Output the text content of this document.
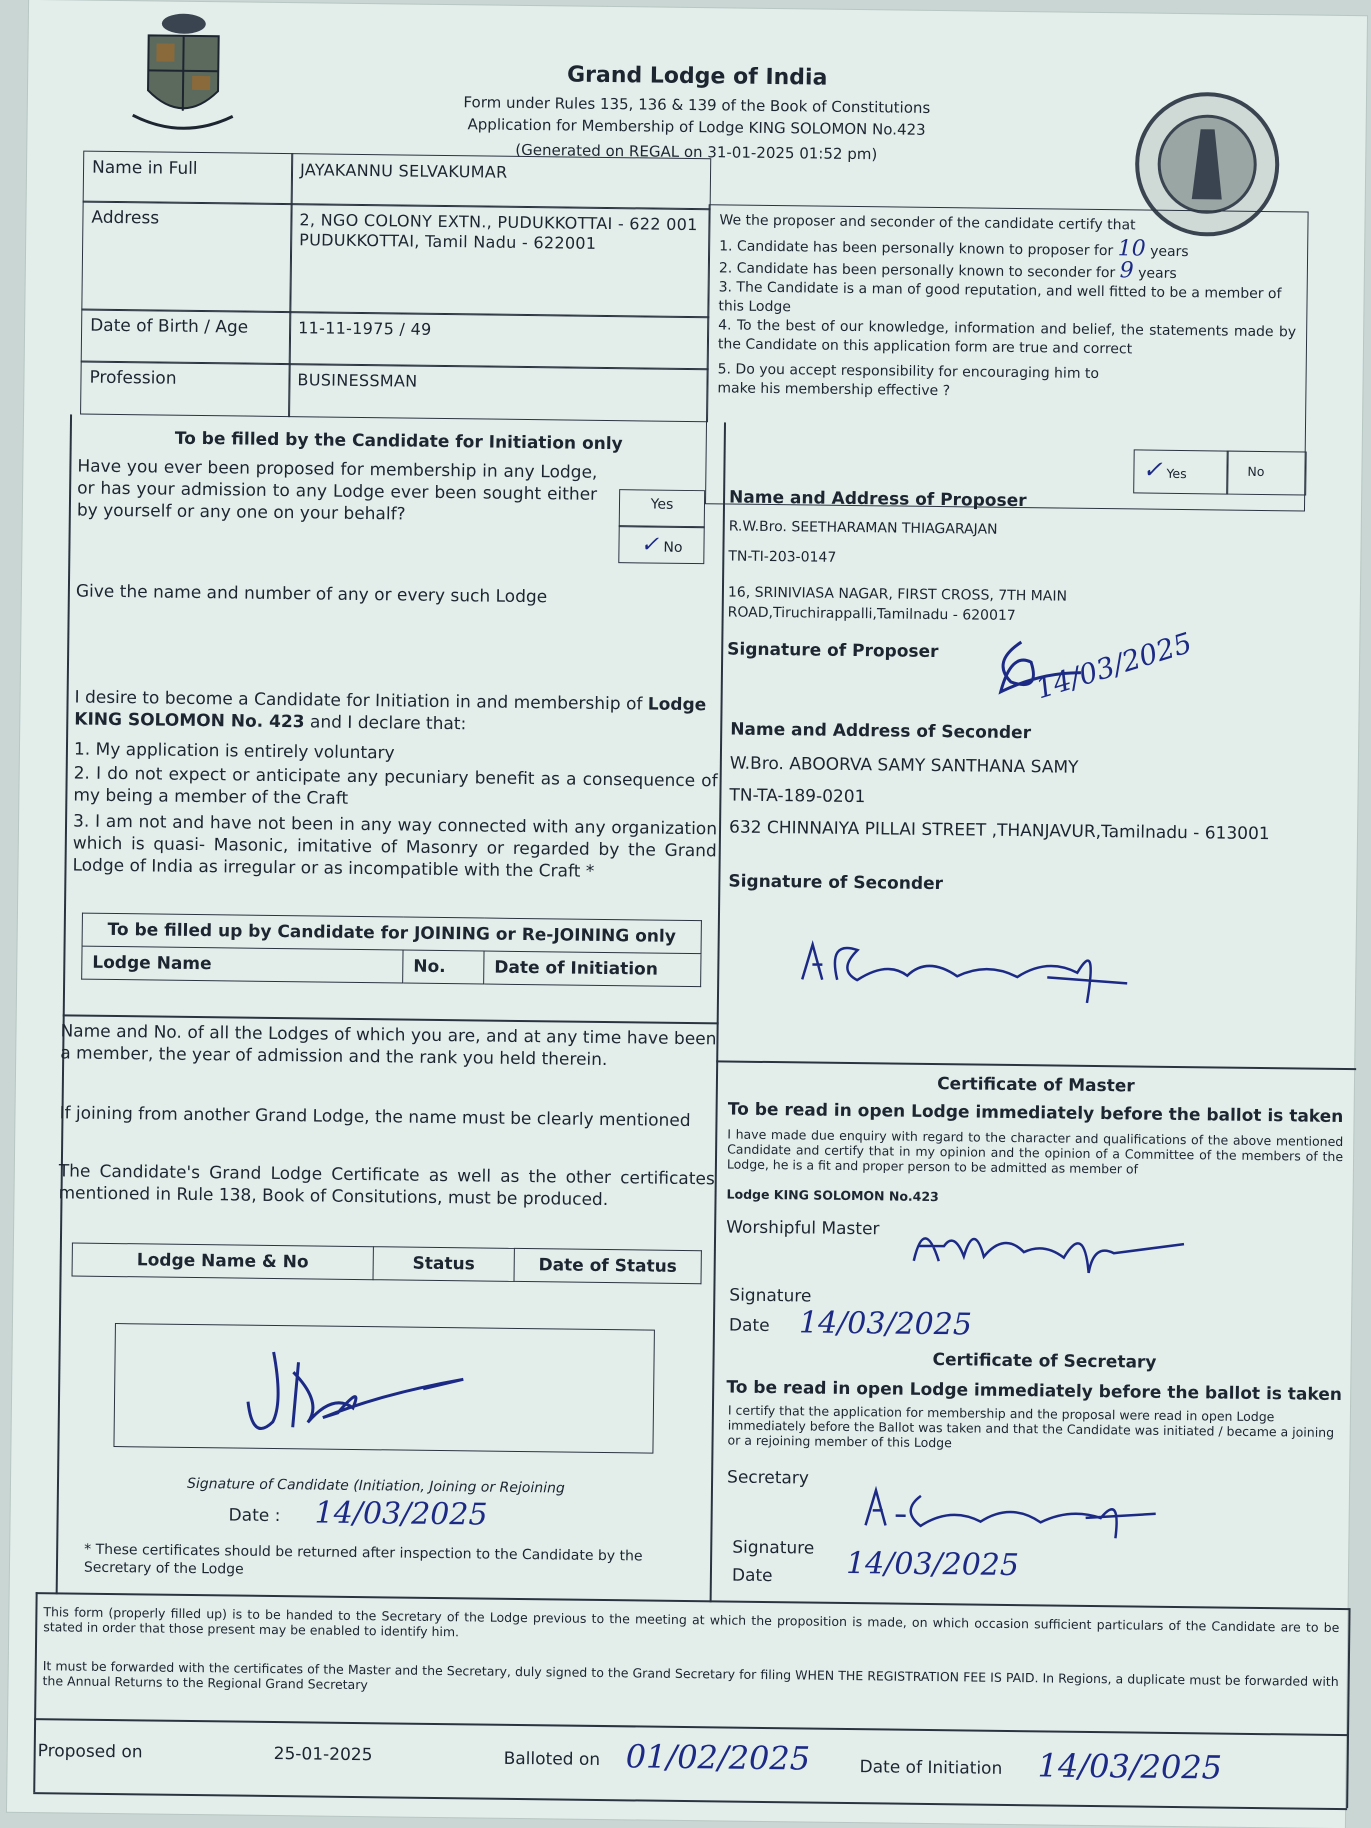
Grand Lodge of India
Form under Rules 135, 136 & 139 of the Book of Constitutions
Application for Membership of Lodge KING SOLOMON No.423
(Generated on REGAL on 31-01-2025 01:52 pm)
Name in Full	JAYAKANNU SELVAKUMAR
Address	2, NGO COLONY EXTN., PUDUKKOTTAI - 622 001 PUDUKKOTTAI, Tamil Nadu - 622001
Date of Birth / Age	11-11-1975 / 49
Profession	BUSINESSMAN
We the proposer and seconder of the candidate certify that
1. Candidate has been personally known to proposer for 10 years
2. Candidate has been personally known to seconder for 9 years
3. The Candidate is a man of good reputation, and well fitted to be a member of this Lodge
4. To the best of our knowledge, information and belief, the statements made by the Candidate on this application form are true and correct
5. Do you accept responsibility for encouraging him to make his membership effective ?
✓ Yes	No
To be filled by the Candidate for Initiation only
Have you ever been proposed for membership in any Lodge, or has your admission to any Lodge ever been sought either by yourself or any one on your behalf?	Yes
✓ No
Give the name and number of any or every such Lodge
I desire to become a Candidate for Initiation in and membership of Lodge KING SOLOMON No. 423 and I declare that:
1. My application is entirely voluntary
2. I do not expect or anticipate any pecuniary benefit as a consequence of my being a member of the Craft
3. I am not and have not been in any way connected with any organization which is quasi- Masonic, imitative of Masonry or regarded by the Grand Lodge of India as irregular or as incompatible with the Craft *
To be filled up by Candidate for JOINING or Re-JOINING only
Lodge Name	No.	Date of Initiation
Name and No. of all the Lodges of which you are, and at any time have been a member, the year of admission and the rank you held therein.
If joining from another Grand Lodge, the name must be clearly mentioned
The Candidate's Grand Lodge Certificate as well as the other certificates mentioned in Rule 138, Book of Consitutions, must be produced.
Lodge Name & No	Status	Date of Status
Signature of Candidate (Initiation, Joining or Rejoining
Date : 14/03/2025
* These certificates should be returned after inspection to the Candidate by the Secretary of the Lodge
Name and Address of Proposer
R.W.Bro. SEETHARAMAN THIAGARAJAN
TN-TI-203-0147
16, SRINIVIASA NAGAR, FIRST CROSS, 7TH MAIN ROAD,Tiruchirappalli,Tamilnadu - 620017
Signature of Proposer	14/03/2025
Name and Address of Seconder
W.Bro. ABOORVA SAMY SANTHANA SAMY
TN-TA-189-0201
632 CHINNAIYA PILLAI STREET ,THANJAVUR,Tamilnadu - 613001
Signature of Seconder
Certificate of Master
To be read in open Lodge immediately before the ballot is taken
I have made due enquiry with regard to the character and qualifications of the above mentioned Candidate and certify that in my opinion and the opinion of a Committee of the members of the Lodge, he is a fit and proper person to be admitted as member of
Lodge KING SOLOMON No.423
Worshipful Master
Signature
Date 14/03/2025
Certificate of Secretary
To be read in open Lodge immediately before the ballot is taken
I certify that the application for membership and the proposal were read in open Lodge immediately before the Ballot was taken and that the Candidate was initiated / became a joining or a rejoining member of this Lodge
Secretary
Signature
Date 14/03/2025
This form (properly filled up) is to be handed to the Secretary of the Lodge previous to the meeting at which the proposition is made, on which occasion sufficient particulars of the Candidate are to be stated in order that those present may be enabled to identify him.
It must be forwarded with the certificates of the Master and the Secretary, duly signed to the Grand Secretary for filing WHEN THE REGISTRATION FEE IS PAID. In Regions, a duplicate must be forwarded with the Annual Returns to the Regional Grand Secretary
Proposed on	25-01-2025	Balloted on 01/02/2025	Date of Initiation 14/03/2025
